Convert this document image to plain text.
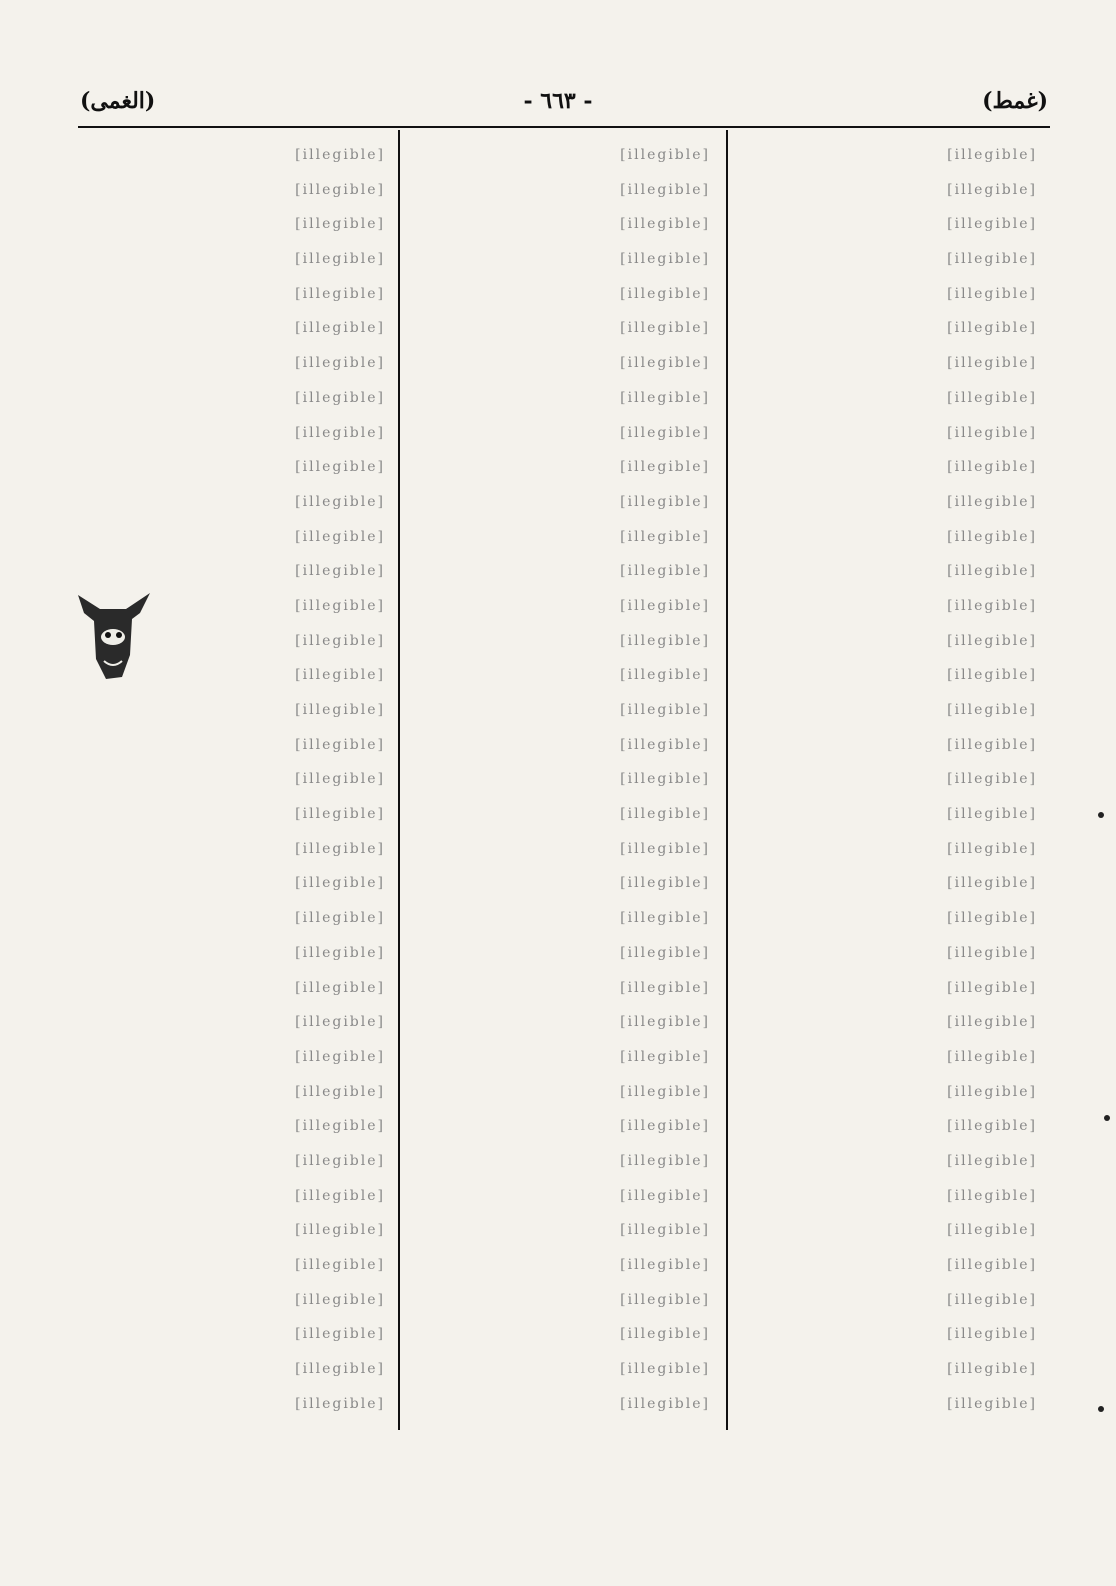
(غمط)
- ٦٦٣ -
(الغمى)
[illegible]
[illegible]
[illegible]
[illegible]
[illegible]
[illegible]
[illegible]
[illegible]
[illegible]
[illegible]
[illegible]
[illegible]
[illegible]
[illegible]
[illegible]
[illegible]
[illegible]
[illegible]
[illegible]
[illegible]
[illegible]
[illegible]
[illegible]
[illegible]
[illegible]
[illegible]
[illegible]
[illegible]
[illegible]
[illegible]
[illegible]
[illegible]
[illegible]
[illegible]
[illegible]
[illegible]
[illegible]
[illegible]
[illegible]
[illegible]
[illegible]
[illegible]
[illegible]
[illegible]
[illegible]
[illegible]
[illegible]
[illegible]
[illegible]
[illegible]
[illegible]
[illegible]
[illegible]
[illegible]
[illegible]
[illegible]
[illegible]
[illegible]
[illegible]
[illegible]
[illegible]
[illegible]
[illegible]
[illegible]
[illegible]
[illegible]
[illegible]
[illegible]
[illegible]
[illegible]
[illegible]
[illegible]
[illegible]
[illegible]
[illegible]
[illegible]
[illegible]
[illegible]
[illegible]
[illegible]
[illegible]
[illegible]
[illegible]
[illegible]
[illegible]
[illegible]
[illegible]
[illegible]
[illegible]
[illegible]
[illegible]
[illegible]
[illegible]
[illegible]
[illegible]
[illegible]
[illegible]
[illegible]
[illegible]
[illegible]
[illegible]
[illegible]
[illegible]
[illegible]
[illegible]
[illegible]
[illegible]
[illegible]
[illegible]
[illegible]
[illegible]
